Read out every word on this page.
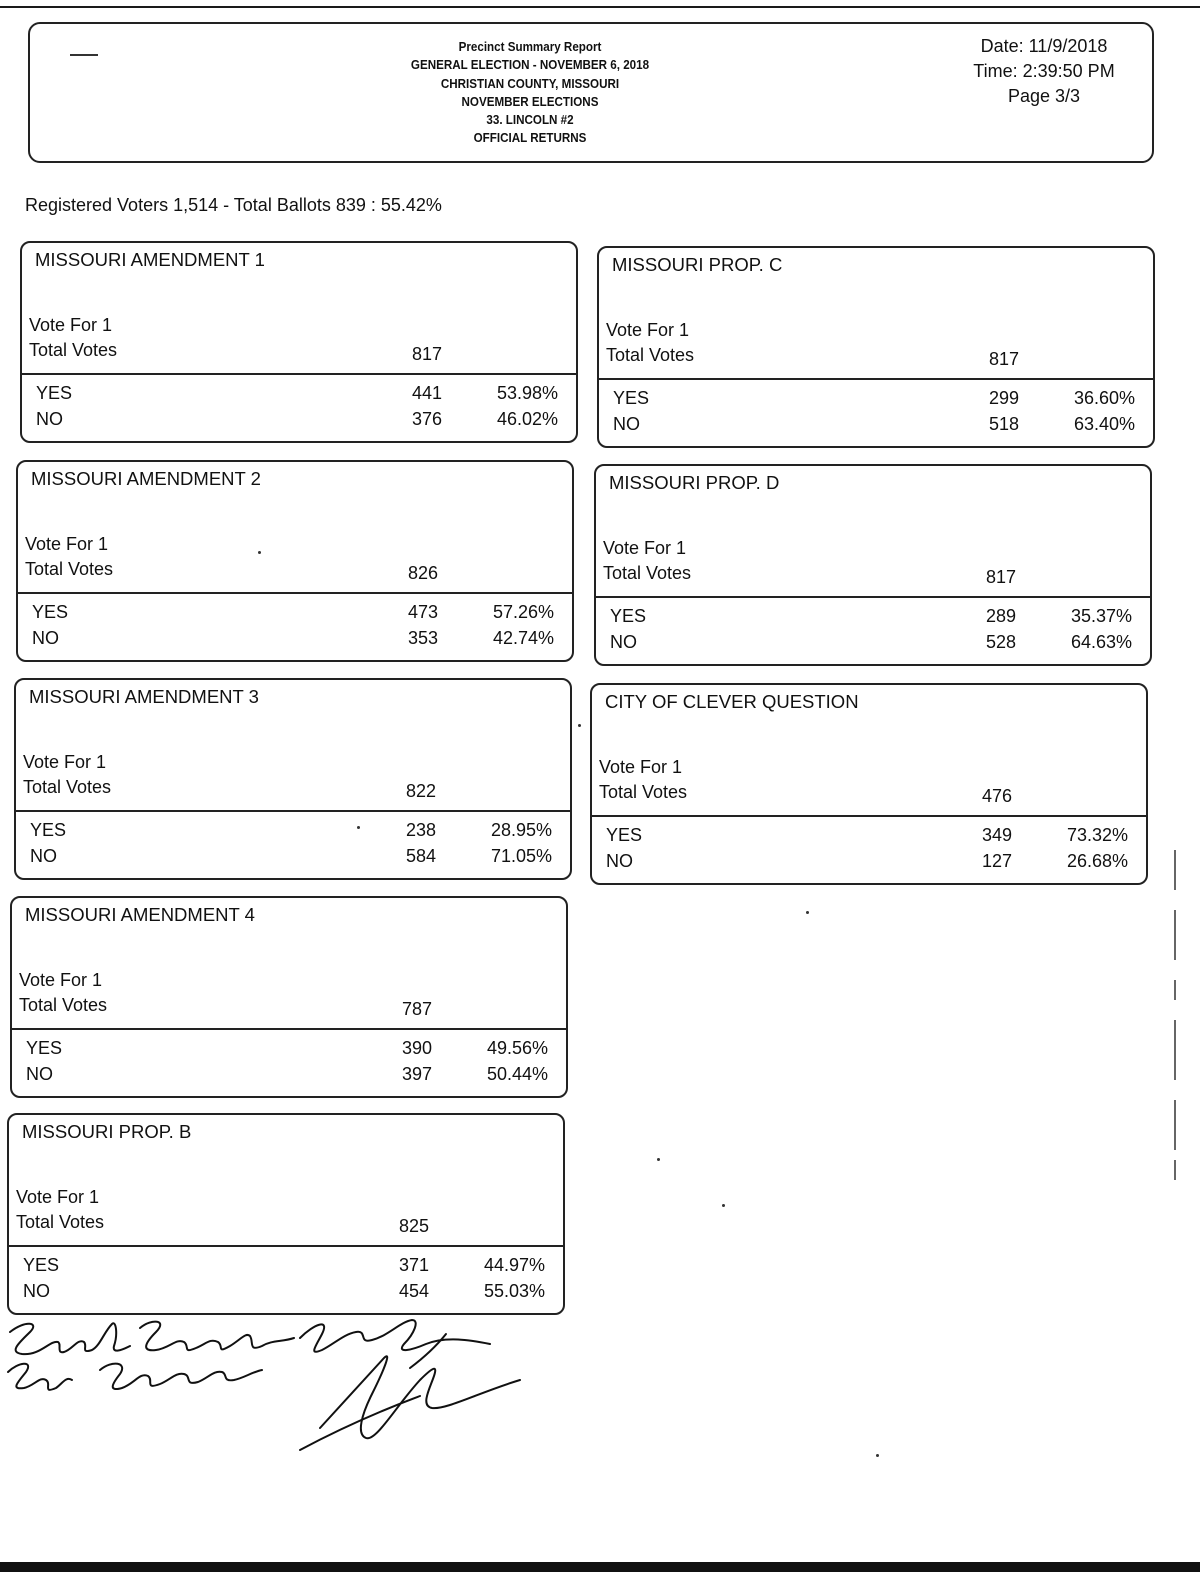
Precinct Summary Report
GENERAL ELECTION - NOVEMBER 6, 2018
CHRISTIAN COUNTY, MISSOURI
NOVEMBER ELECTIONS
33. LINCOLN #2
OFFICIAL RETURNS
Date: 11/9/2018
Time: 2:39:50 PM
Page 3/3
Registered Voters 1,514 - Total Ballots 839 : 55.42%
MISSOURI AMENDMENT 1
Vote For 1
Total Votes	817
YES	441	53.98%
NO	376	46.02%
MISSOURI AMENDMENT 2
Vote For 1
Total Votes	826
YES	473	57.26%
NO	353	42.74%
MISSOURI AMENDMENT 3
Vote For 1
Total Votes	822
YES	238	28.95%
NO	584	71.05%
MISSOURI AMENDMENT 4
Vote For 1
Total Votes	787
YES	390	49.56%
NO	397	50.44%
MISSOURI PROP. B
Vote For 1
Total Votes	825
YES	371	44.97%
NO	454	55.03%
MISSOURI PROP. C
Vote For 1
Total Votes	817
YES	299	36.60%
NO	518	63.40%
MISSOURI PROP. D
Vote For 1
Total Votes	817
YES	289	35.37%
NO	528	64.63%
CITY OF CLEVER QUESTION
Vote For 1
Total Votes	476
YES	349	73.32%
NO	127	26.68%
